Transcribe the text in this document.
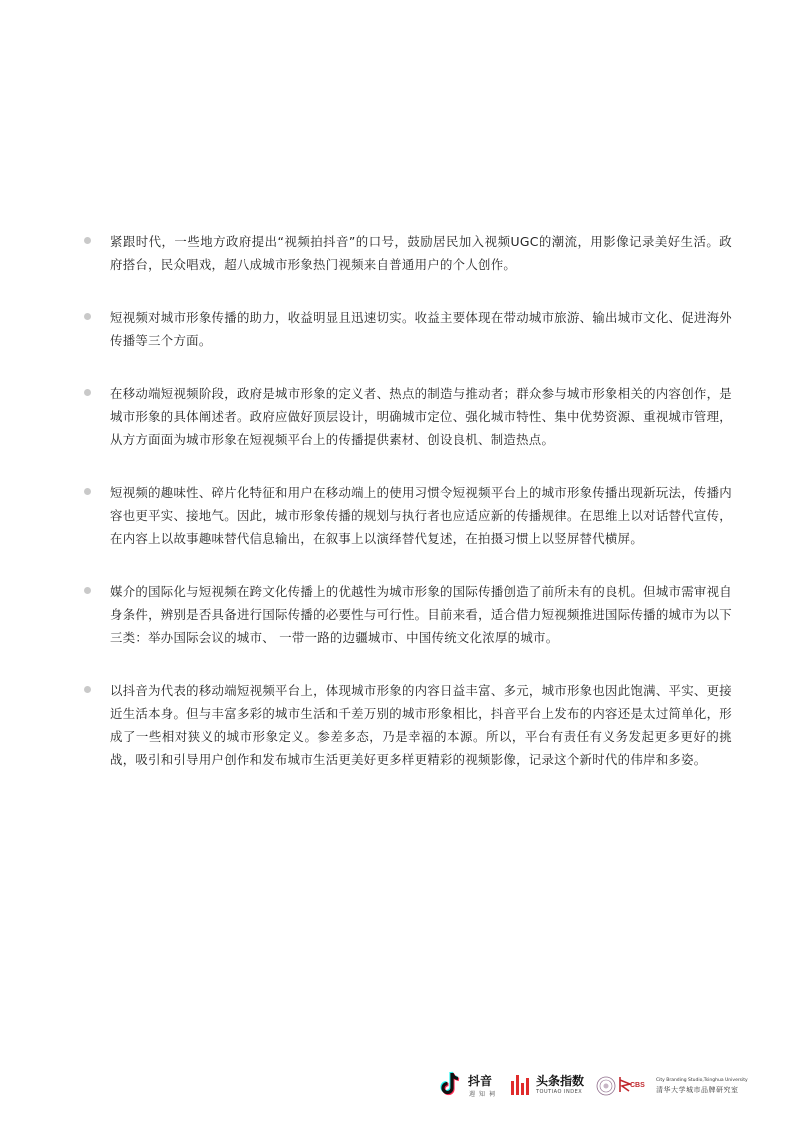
紧跟时代，一些地方政府提出“视频拍抖音”的口号，鼓励居民加入视频UGC的潮流，用影像记录美好生活。政府搭台，民众唱戏，超八成城市形象热门视频来自普通用户的个人创作。
短视频对城市形象传播的助力，收益明显且迅速切实。收益主要体现在带动城市旅游、输出城市文化、促进海外传播等三个方面。
在移动端短视频阶段，政府是城市形象的定义者、热点的制造与推动者；群众参与城市形象相关的内容创作，是城市形象的具体阐述者。政府应做好顶层设计，明确城市定位、强化城市特性、集中优势资源、重视城市管理，从方方面面为城市形象在短视频平台上的传播提供素材、创设良机、制造热点。
短视频的趣味性、碎片化特征和用户在移动端上的使用习惯令短视频平台上的城市形象传播出现新玩法，传播内容也更平实、接地气。因此，城市形象传播的规划与执行者也应适应新的传播规律。在思维上以对话替代宣传，在内容上以故事趣味替代信息输出，在叙事上以演绎替代复述，在拍摄习惯上以竖屏替代横屏。
媒介的国际化与短视频在跨文化传播上的优越性为城市形象的国际传播创造了前所未有的良机。但城市需审视自身条件，辨别是否具备进行国际传播的必要性与可行性。目前来看，适合借力短视频推进国际传播的城市为以下三类：举办国际会议的城市、 一带一路的边疆城市、中国传统文化浓厚的城市。
以抖音为代表的移动端短视频平台上，体现城市形象的内容日益丰富、多元，城市形象也因此饱满、平实、更接近生活本身。但与丰富多彩的城市生活和千差万别的城市形象相比，抖音平台上发布的内容还是太过简单化，形成了一些相对狭义的城市形象定义。参差多态，乃是幸福的本源。所以，平台有责任有义务发起更多更好的挑战，吸引和引导用户创作和发布城市生活更美好更多样更精彩的视频影像，记录这个新时代的伟岸和多姿。
抖音
週 知 祠
头条指数
TOUTIAO INDEX
CBS
City Branding Studio,Tsinghua University
清华大学城市品牌研究室
